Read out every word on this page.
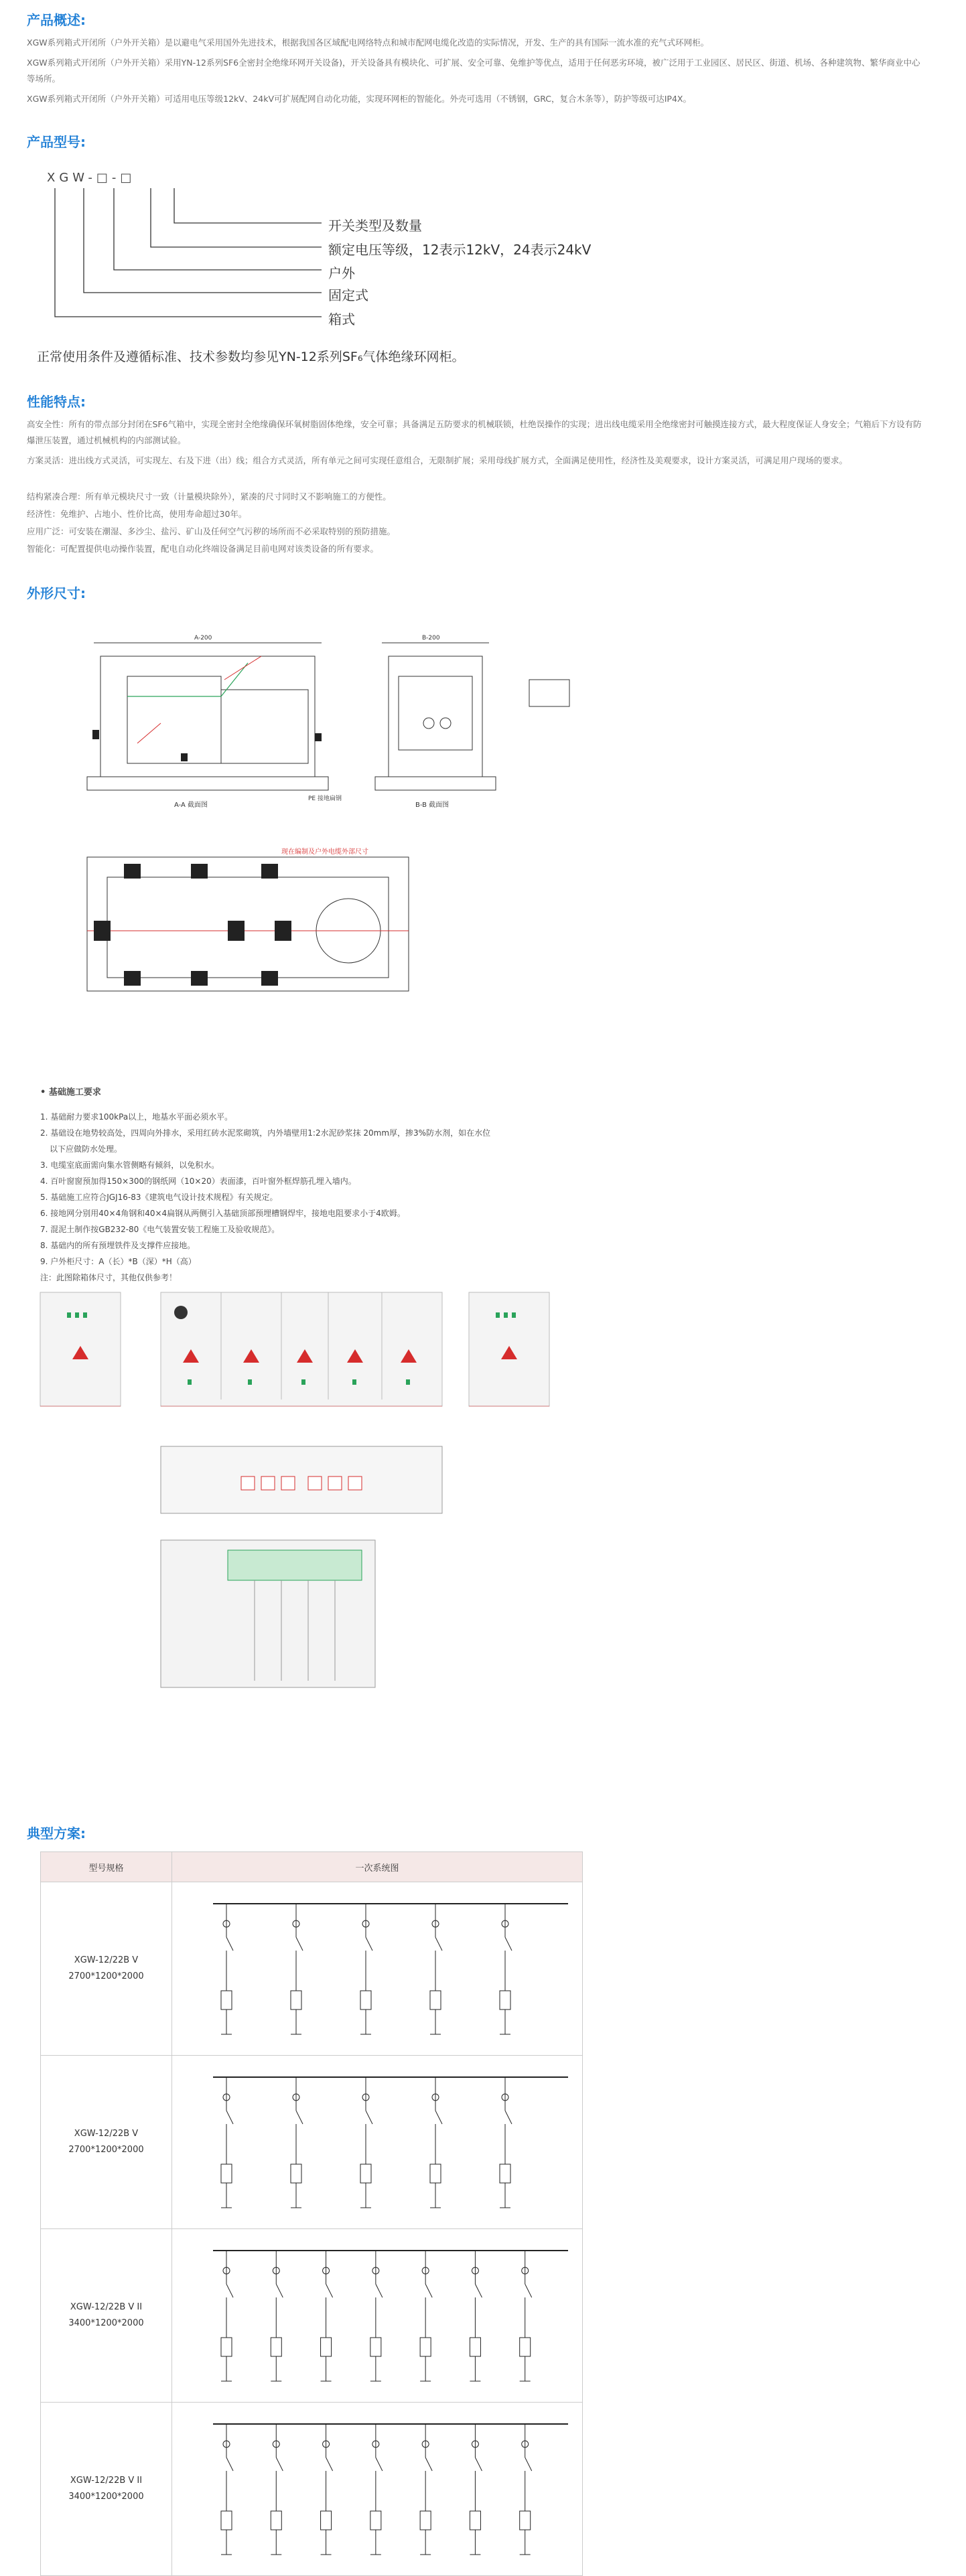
产品概述:
XGW系列箱式开闭所（户外开关箱）是以避电气采用国外先进技术，根据我国各区域配电网络特点和城市配网电缆化改造的实际情况，开发、生产的具有国际一流水准的充气式环网柜。
XGW系列箱式开闭所（户外开关箱）采用YN-12系列SF6全密封全绝缘环网开关设备)，开关设备具有模块化、可扩展、安全可靠、免维护等优点，适用于任何恶劣环境，被广泛用于工业园区、居民区、街道、机场、各种建筑物、繁华商业中心等场所。
XGW系列箱式开闭所（户外开关箱）可适用电压等级12kV、24kV可扩展配网自动化功能，实现环网柜的智能化。外壳可选用（不锈钢，GRC，复合木条等），防护等级可达IP4X。
产品型号:
XGW-□-□
开关类型及数量
额定电压等级，12表示12kV，24表示24kV
户外
固定式
箱式
正常使用条件及遵循标准、技术参数均参见YN-12系列SF₆气体绝缘环网柜。
性能特点:
高安全性：所有的带点部分封闭在SF6气箱中，实现全密封全绝缘确保环氧树脂固体绝缘，安全可靠；具备满足五防要求的机械联锁，杜绝误操作的实现；进出线电缆采用全绝缘密封可触摸连接方式，最大程度保证人身安全；气箱后下方设有防爆泄压装置，通过机械机构的内部测试验。
方案灵活：进出线方式灵活，可实现左、右及下进（出）线；组合方式灵活，所有单元之间可实现任意组合，无限制扩展；采用母线扩展方式，全面满足使用性，经济性及美观要求，设计方案灵活，可满足用户现场的要求。
结构紧凑合理：所有单元模块尺寸一致（计量模块除外），紧凑的尺寸同时又不影响施工的方便性。
经济性：免维护、占地小、性价比高，使用寿命超过30年。
应用广泛：可安装在潮湿、多沙尘、盐污、矿山及任何空气污秽的场所而不必采取特别的预防措施。
智能化：可配置提供电动操作装置，配电自动化终端设备满足目前电网对该类设备的所有要求。
外形尺寸:
A-A 截面图	B-B 截面图
A-200	B-200
PE 接地扁钢
现在编制及户外电缆外部尺寸
• 基础施工要求
1. 基础耐力要求100kPa以上，地基水平面必须水平。
2. 基础设在地势较高处，四周向外排水，采用红砖水泥浆砌筑，内外墙壁用1:2水泥砂浆抹 20mm厚，掺3%防水剂，如在水位
以下应做防水处理。
3. 电缆室底面需向集水管侧略有倾斜，以免积水。
4. 百叶窗窗预加得150×300的钢纸网（10×20）表面漆，百叶窗外框焊筋孔埋入墙内。
5. 基础施工应符合JGJ16-83《建筑电气设计技术规程》有关规定。
6. 接地网分别用40×4角钢和40×4扁钢从两侧引入基础顶部预埋槽钢焊牢，接地电阻要求小于4欧姆。
7. 混泥土制作按GB232-80《电气装置安装工程施工及验收规范》。
8. 基础内的所有预埋铁件及支撑件应接地。
9. 户外柜尺寸：A（长）*B（深）*H（高）
注：此图除箱体尺寸，其他仅供参考！
典型方案:
型号规格	一次系统图
XGW-12/22B V
2700*1200*2000	
XGW-12/22B V
2700*1200*2000	
XGW-12/22B V II
3400*1200*2000	
XGW-12/22B V II
3400*1200*2000	
